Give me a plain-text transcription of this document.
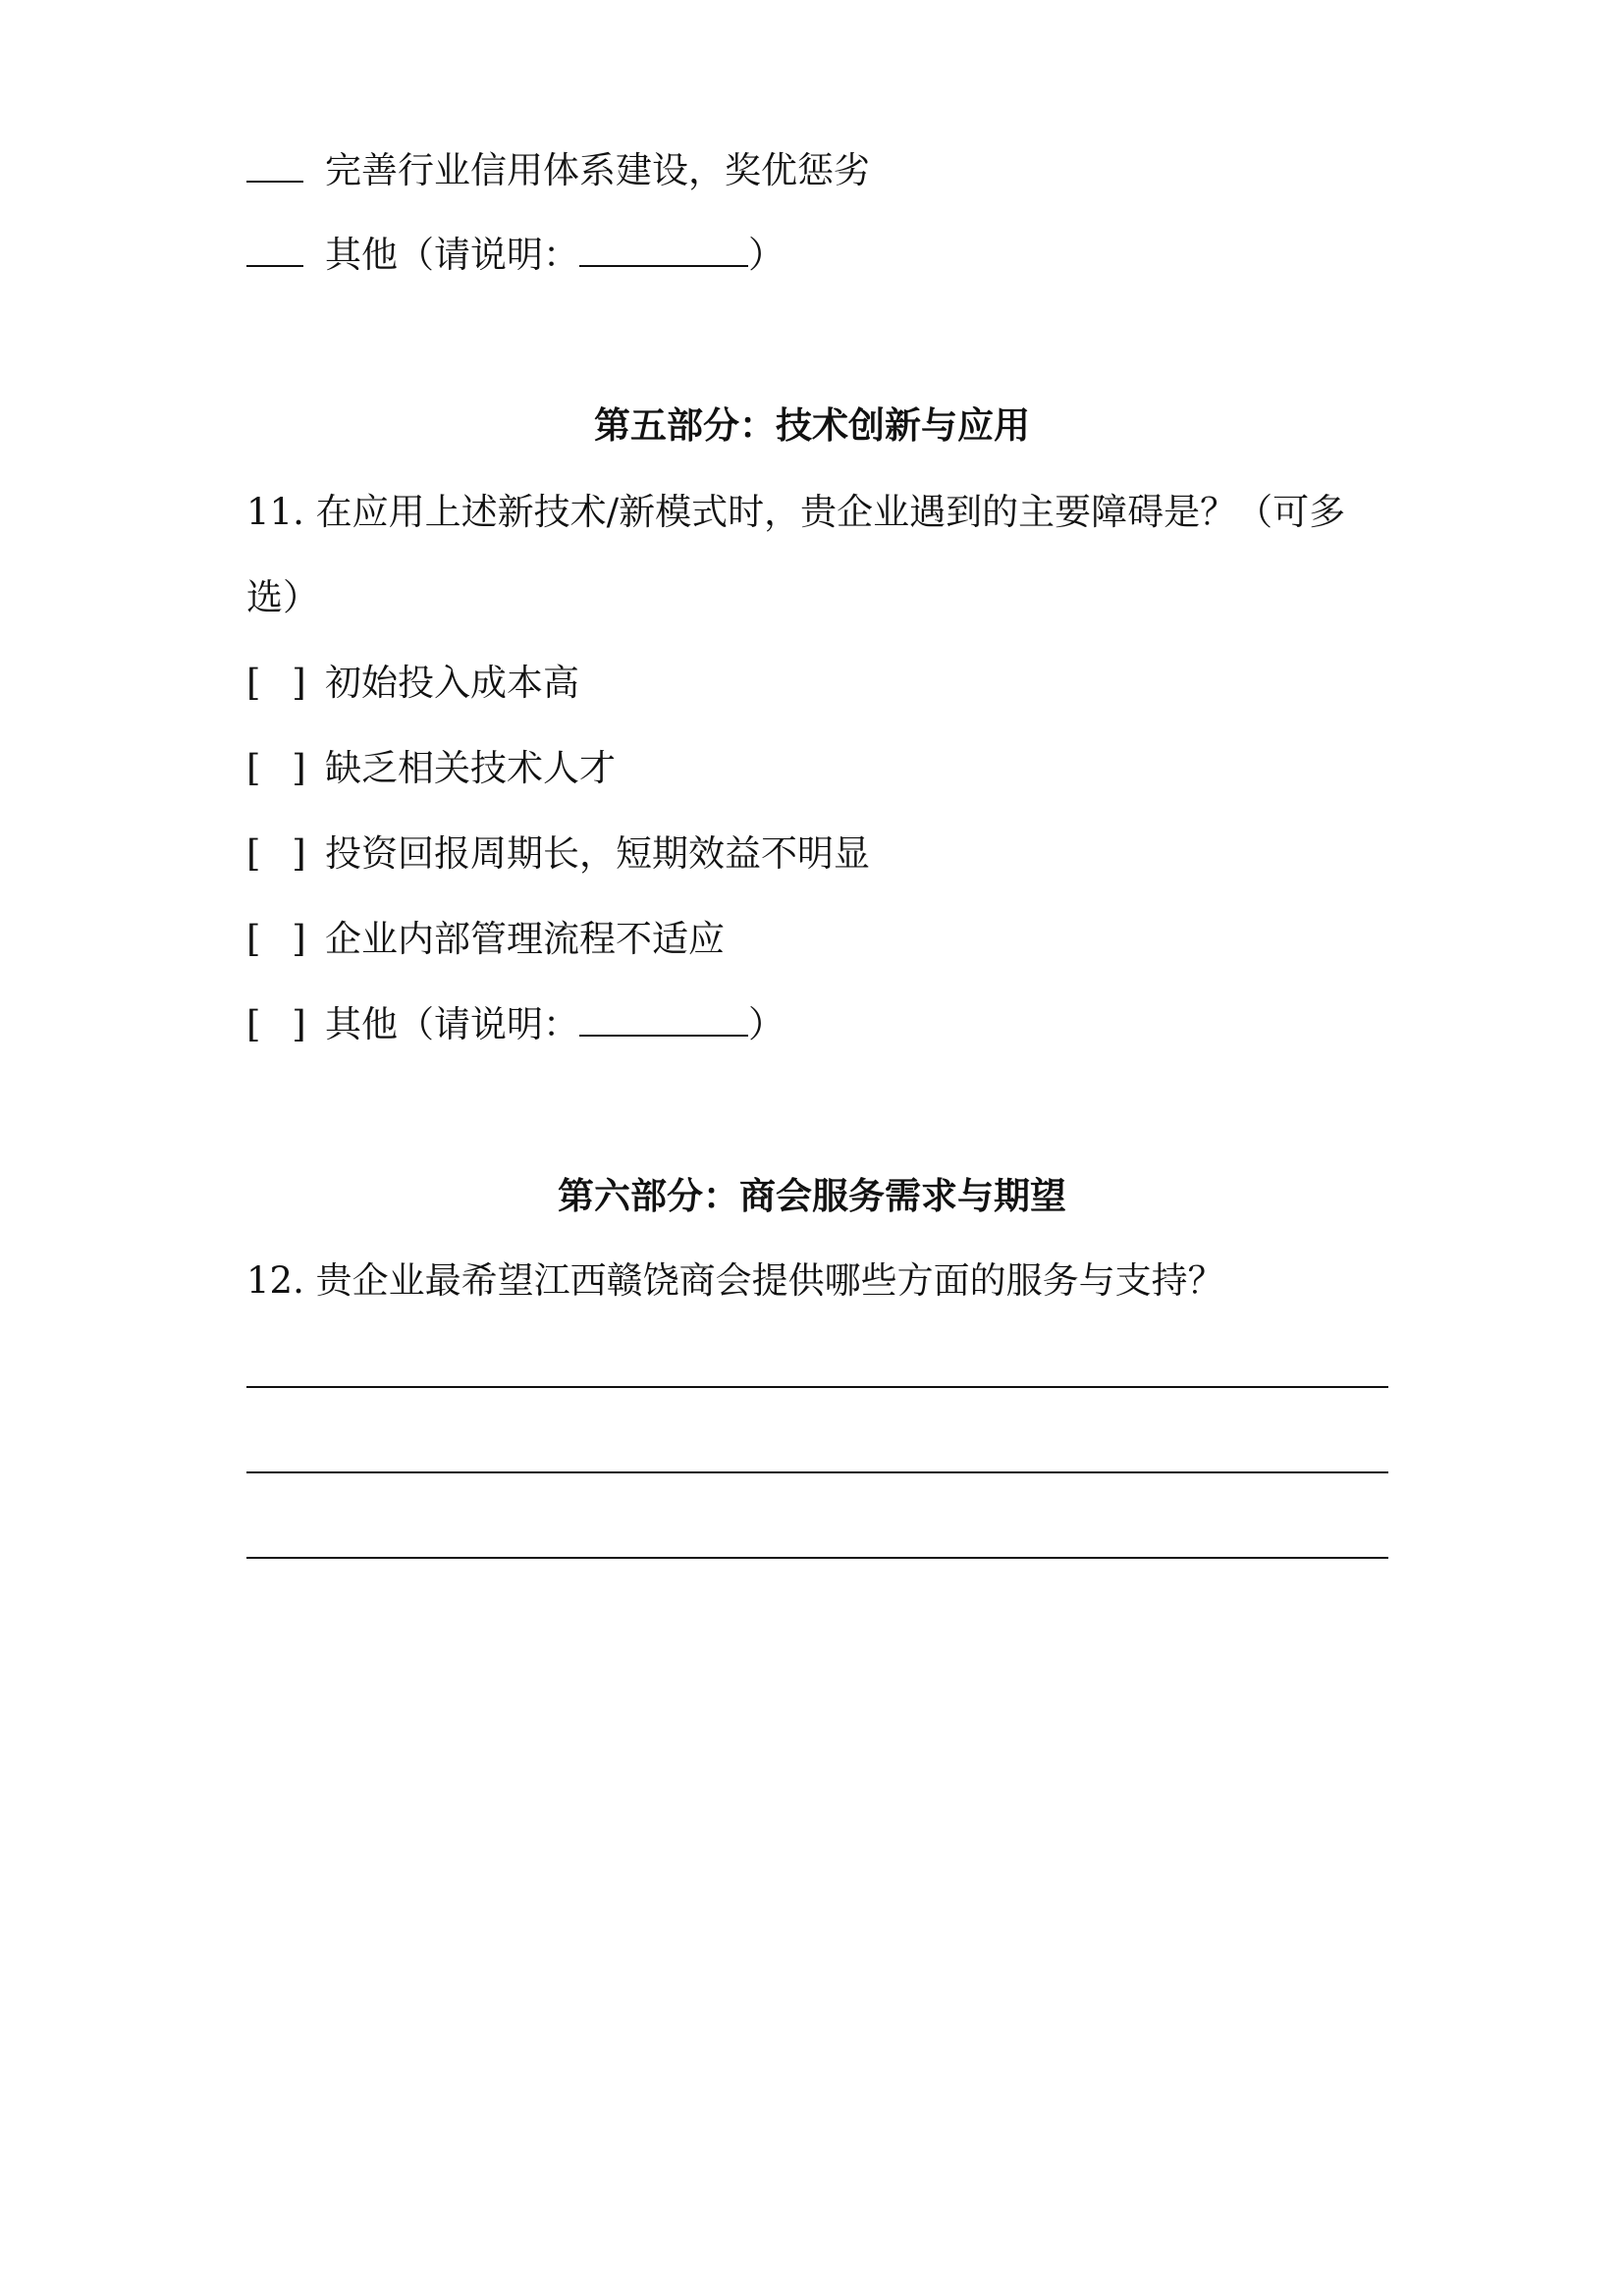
完善行业信用体系建设，奖优惩劣
其他（请说明：	）
第五部分：技术创新与应用
11. 在应用上述新技术/新模式时，贵企业遇到的主要障碍是？（可多
选）
[ ] 初始投入成本高
[ ] 缺乏相关技术人才
[ ] 投资回报周期长，短期效益不明显
[ ] 企业内部管理流程不适应
[ ] 其他（请说明：	）
第六部分：商会服务需求与期望
12. 贵企业最希望江西赣饶商会提供哪些方面的服务与支持？
